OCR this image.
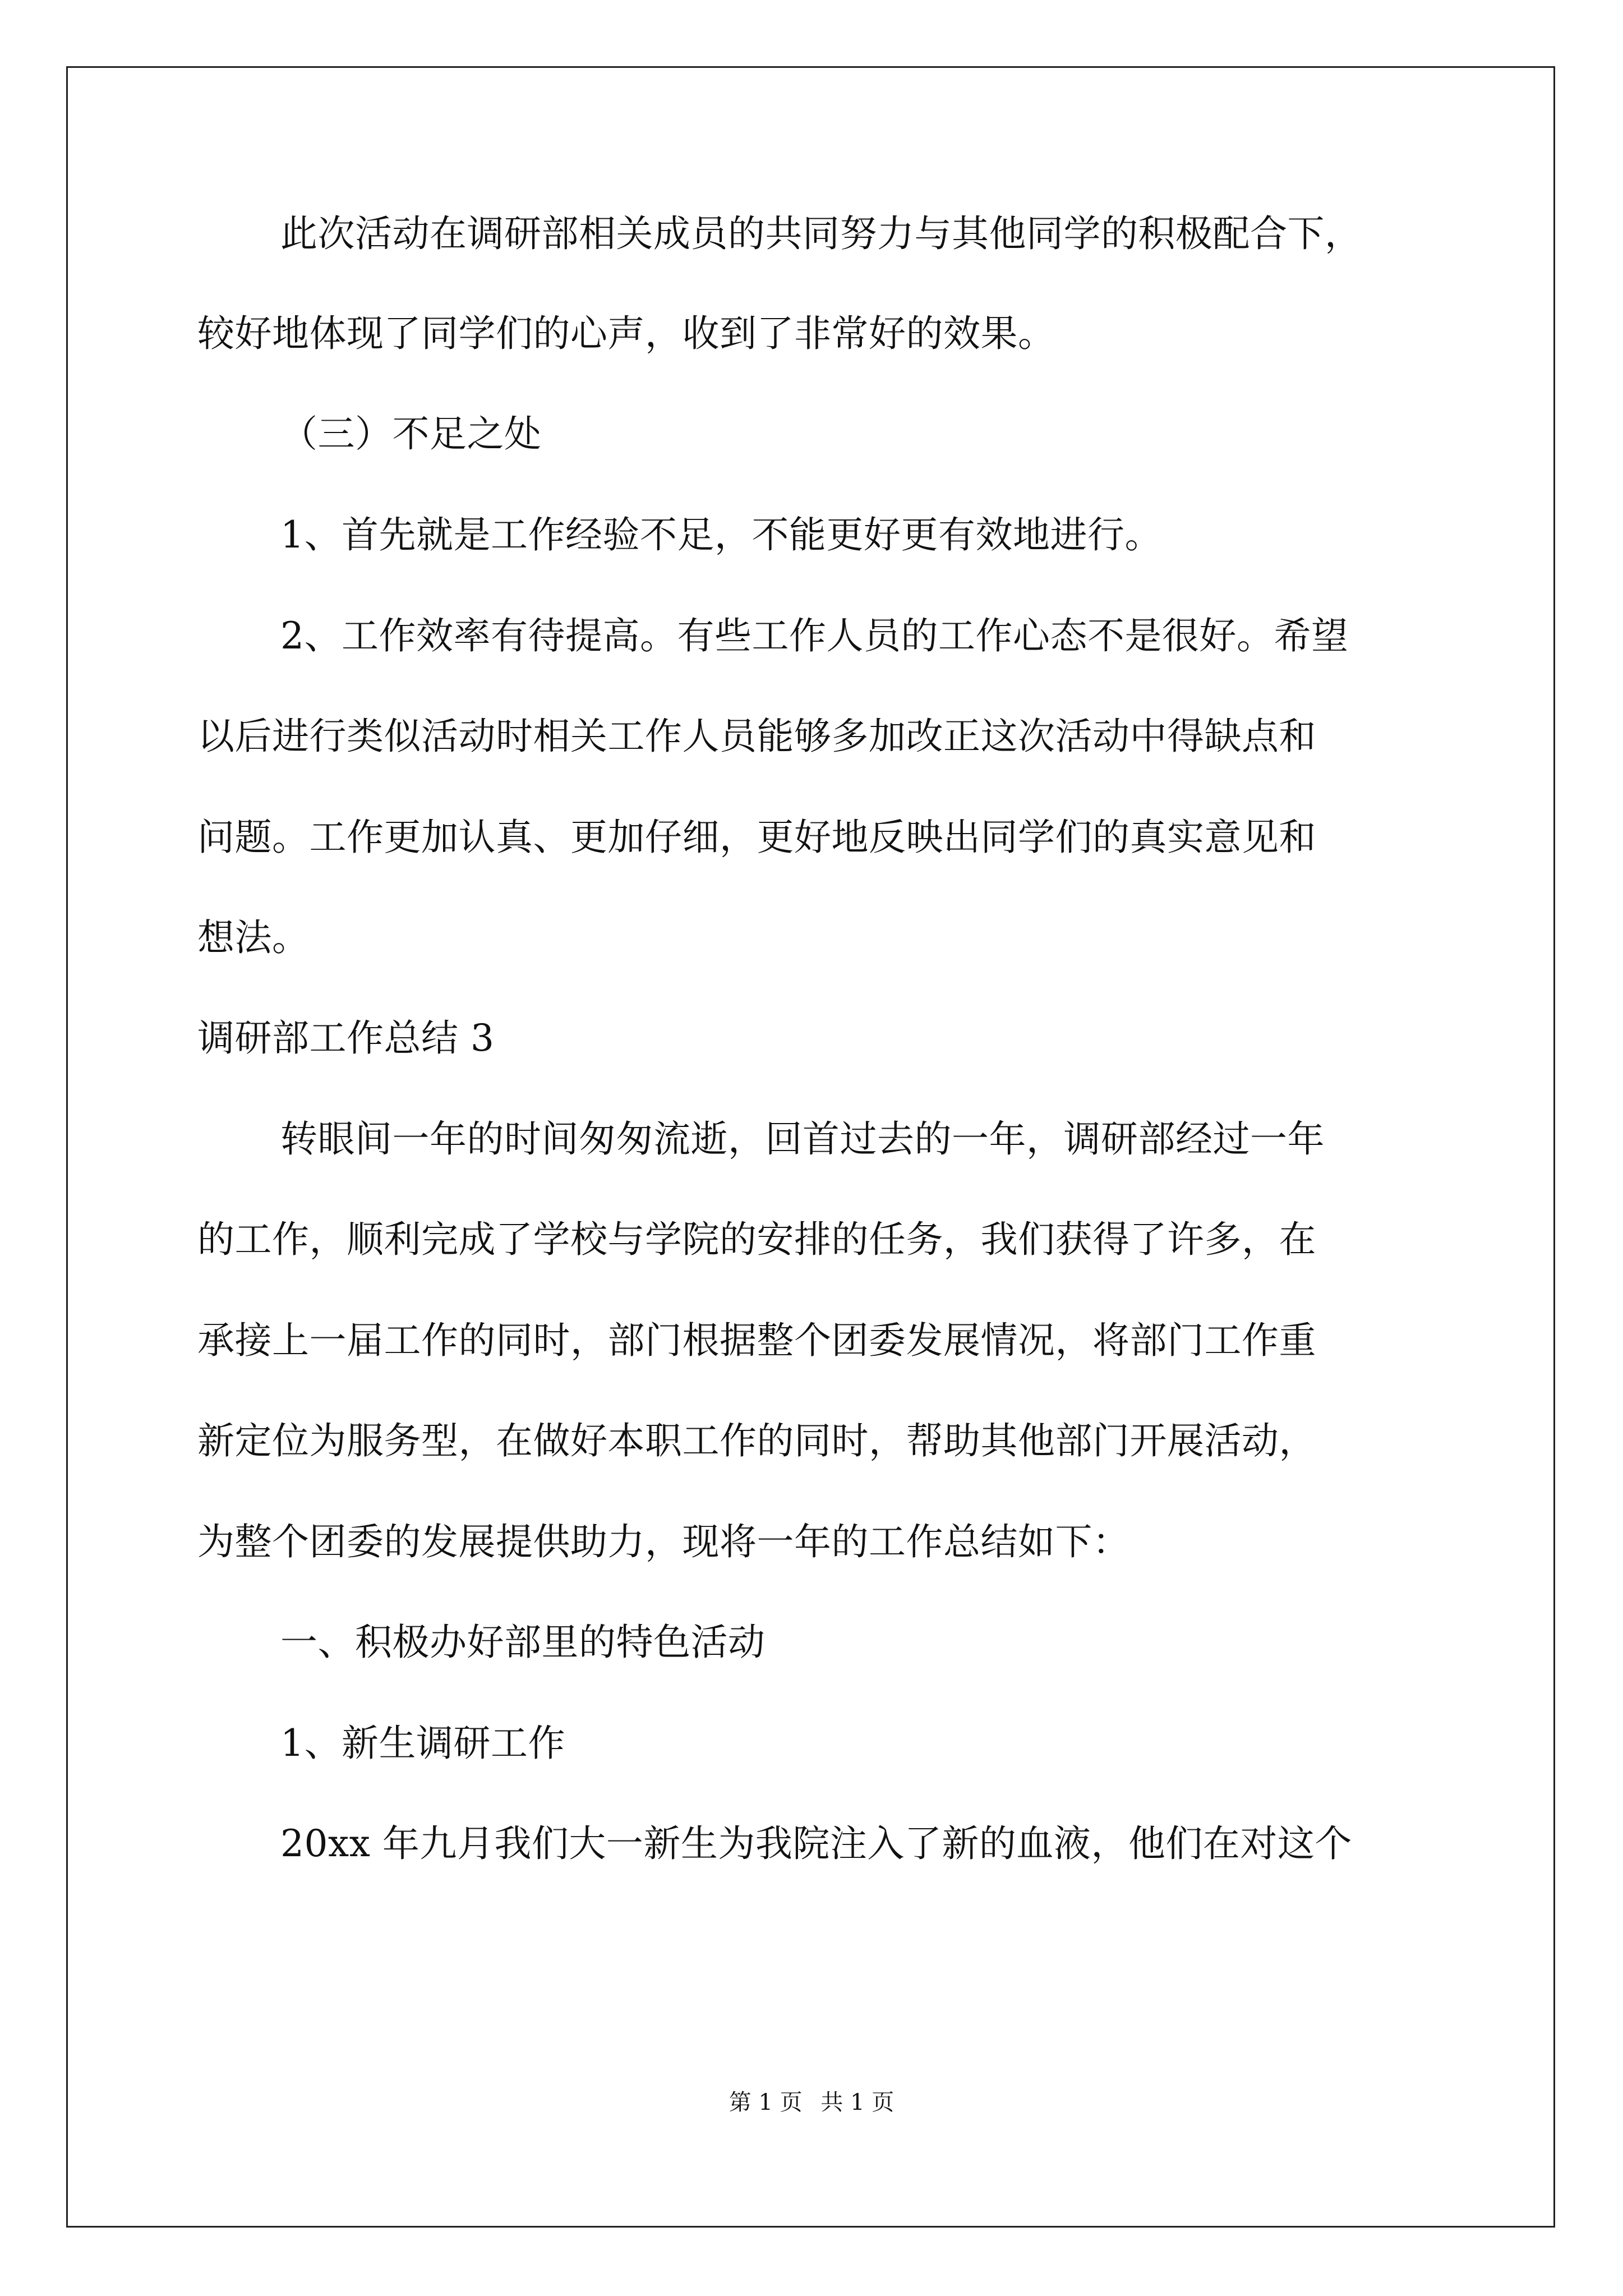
此次活动在调研部相关成员的共同努力与其他同学的积极配合下，
较好地体现了同学们的心声，收到了非常好的效果。
（三）不足之处
1、首先就是工作经验不足，不能更好更有效地进行。
2、工作效率有待提高。有些工作人员的工作心态不是很好。希望
以后进行类似活动时相关工作人员能够多加改正这次活动中得缺点和
问题。工作更加认真、更加仔细，更好地反映出同学们的真实意见和
想法。
调研部工作总结 3
转眼间一年的时间匆匆流逝，回首过去的一年，调研部经过一年
的工作，顺利完成了学校与学院的安排的任务，我们获得了许多，在
承接上一届工作的同时，部门根据整个团委发展情况，将部门工作重
新定位为服务型，在做好本职工作的同时，帮助其他部门开展活动，
为整个团委的发展提供助力，现将一年的工作总结如下：
一、积极办好部里的特色活动
1、新生调研工作
20xx 年九月我们大一新生为我院注入了新的血液，他们在对这个
第 1 页 共 1 页
